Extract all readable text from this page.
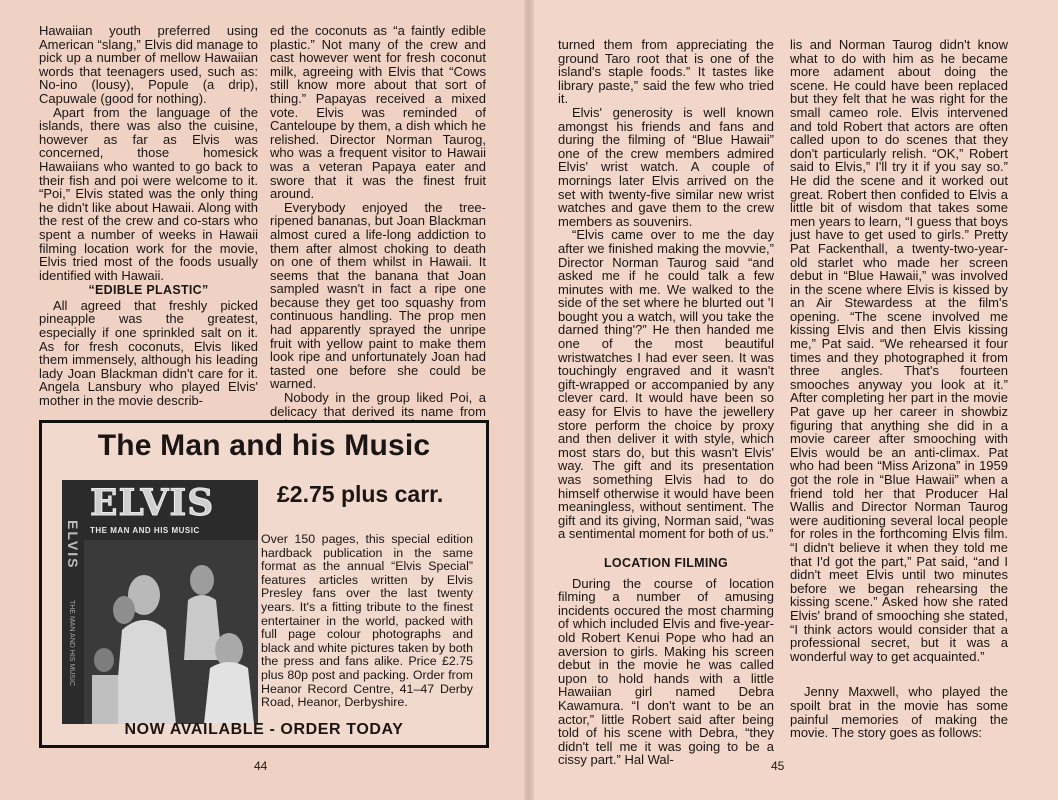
Hawaiian youth preferred using American “slang,” Elvis did manage to pick up a number of mellow Hawaiian words that teenagers used, such as: No-ino (lousy), Popule (a drip), Capuwale (good for nothing).

Apart from the language of the islands, there was also the cuisine, however as far as Elvis was concerned, those homesick Hawaiians who wanted to go back to their fish and poi were welcome to it. “Poi,” Elvis stated was the only thing he didn't like about Hawaii. Along with the rest of the crew and co-stars who spent a number of weeks in Hawaii filming location work for the movie, Elvis tried most of the foods usually identified with Hawaii.

“EDIBLE PLASTIC”

All agreed that freshly picked pineapple was the greatest, especially if one sprinkled salt on it. As for fresh coconuts, Elvis liked them immensely, although his leading lady Joan Blackman didn't care for it. Angela Lansbury who played Elvis' mother in the movie describ-

ed the coconuts as “a faintly edible plastic.” Not many of the crew and cast however went for fresh coconut milk, agreeing with Elvis that “Cows still know more about that sort of thing.” Papayas received a mixed vote. Elvis was reminded of Canteloupe by them, a dish which he relished. Director Norman Taurog, who was a frequent visitor to Hawaii was a veteran Papaya eater and swore that it was the finest fruit around.

Everybody enjoyed the tree-ripened bananas, but Joan Blackman almost cured a life-long addiction to them after almost choking to death on one of them whilst in Hawaii. It seems that the banana that Joan sampled wasn't in fact a ripe one because they get too squashy from continuous handling. The prop men had apparently sprayed the unripe fruit with yellow paint to make them look ripe and unfortunately Joan had tasted one before she could be warned.

Nobody in the group liked Poi, a delicacy that derived its name from

The Man and his Music
ELVIS
THE MAN AND HIS MUSIC
ELVIS
THE MAN AND HIS MUSIC
£2.75 plus carr.
Over 150 pages, this special edition hardback publication in the same format as the annual “Elvis Special” features articles written by Elvis Presley fans over the last twenty years. It's a fitting tribute to the finest entertainer in the world, packed with full page colour photographs and black and white pictures taken by both the press and fans alike. Price £2.75 plus 80p post and packing. Order from Heanor Record Centre, 41–47 Derby Road, Heanor, Derbyshire.
NOW AVAILABLE - ORDER TODAY
44

turned them from appreciating the ground Taro root that is one of the island's staple foods.” It tastes like library paste,” said the few who tried it.

Elvis' generosity is well known amongst his friends and fans and during the filming of “Blue Hawaii” one of the crew members admired Elvis' wrist watch. A couple of mornings later Elvis arrived on the set with twenty-five similar new wrist watches and gave them to the crew members as souvenirs.

“Elvis came over to me the day after we finished making the movvie,” Director Norman Taurog said “and asked me if he could talk a few minutes with me. We walked to the side of the set where he blurted out 'I bought you a watch, will you take the darned thing'?” He then handed me one of the most beautiful wristwatches I had ever seen. It was touchingly engraved and it wasn't gift-wrapped or accompanied by any clever card. It would have been so easy for Elvis to have the jewellery store perform the choice by proxy and then deliver it with style, which most stars do, but this wasn't Elvis' way. The gift and its presentation was something Elvis had to do himself otherwise it would have been meaningless, without sentiment. The gift and its giving, Norman said, “was a sentimental moment for both of us.”

LOCATION FILMING

During the course of location filming a number of amusing incidents occured the most charming of which included Elvis and five-year-old Robert Kenui Pope who had an aversion to girls. Making his screen debut in the movie he was called upon to hold hands with a little Hawaiian girl named Debra Kawamura. “I don't want to be an actor,” little Robert said after being told of his scene with Debra, “they didn't tell me it was going to be a cissy part.” Hal Wal-

lis and Norman Taurog didn't know what to do with him as he became more adament about doing the scene. He could have been replaced but they felt that he was right for the small cameo role. Elvis intervened and told Robert that actors are often called upon to do scenes that they don't particularly relish. “OK,” Robert said to Elvis,” I'll try it if you say so.” He did the scene and it worked out great. Robert then confided to Elvis a little bit of wisdom that takes some men years to learn, “I guess that boys just have to get used to girls.” Pretty Pat Fackenthall, a twenty-two-year-old starlet who made her screen debut in “Blue Hawaii,” was involved in the scene where Elvis is kissed by an Air Stewardess at the film's opening. “The scene involved me kissing Elvis and then Elvis kissing me,” Pat said. “We rehearsed it four times and they photographed it from three angles. That's fourteen smooches anyway you look at it.” After completing her part in the movie Pat gave up her career in showbiz figuring that anything she did in a movie career after smooching with Elvis would be an anti-climax. Pat who had been “Miss Arizona” in 1959 got the role in “Blue Hawaii” when a friend told her that Producer Hal Wallis and Director Norman Taurog were auditioning several local people for roles in the forthcoming Elvis film. “I didn't believe it when they told me that I'd got the part,” Pat said, “and I didn't meet Elvis until two minutes before we began rehearsing the kissing scene.” Asked how she rated Elvis' brand of smooching she stated, “I think actors would consider that a professional secret, but it was a wonderful way to get acquainted.”

Jenny Maxwell, who played the spoilt brat in the movie has some painful memories of making the movie. The story goes as follows:

45
